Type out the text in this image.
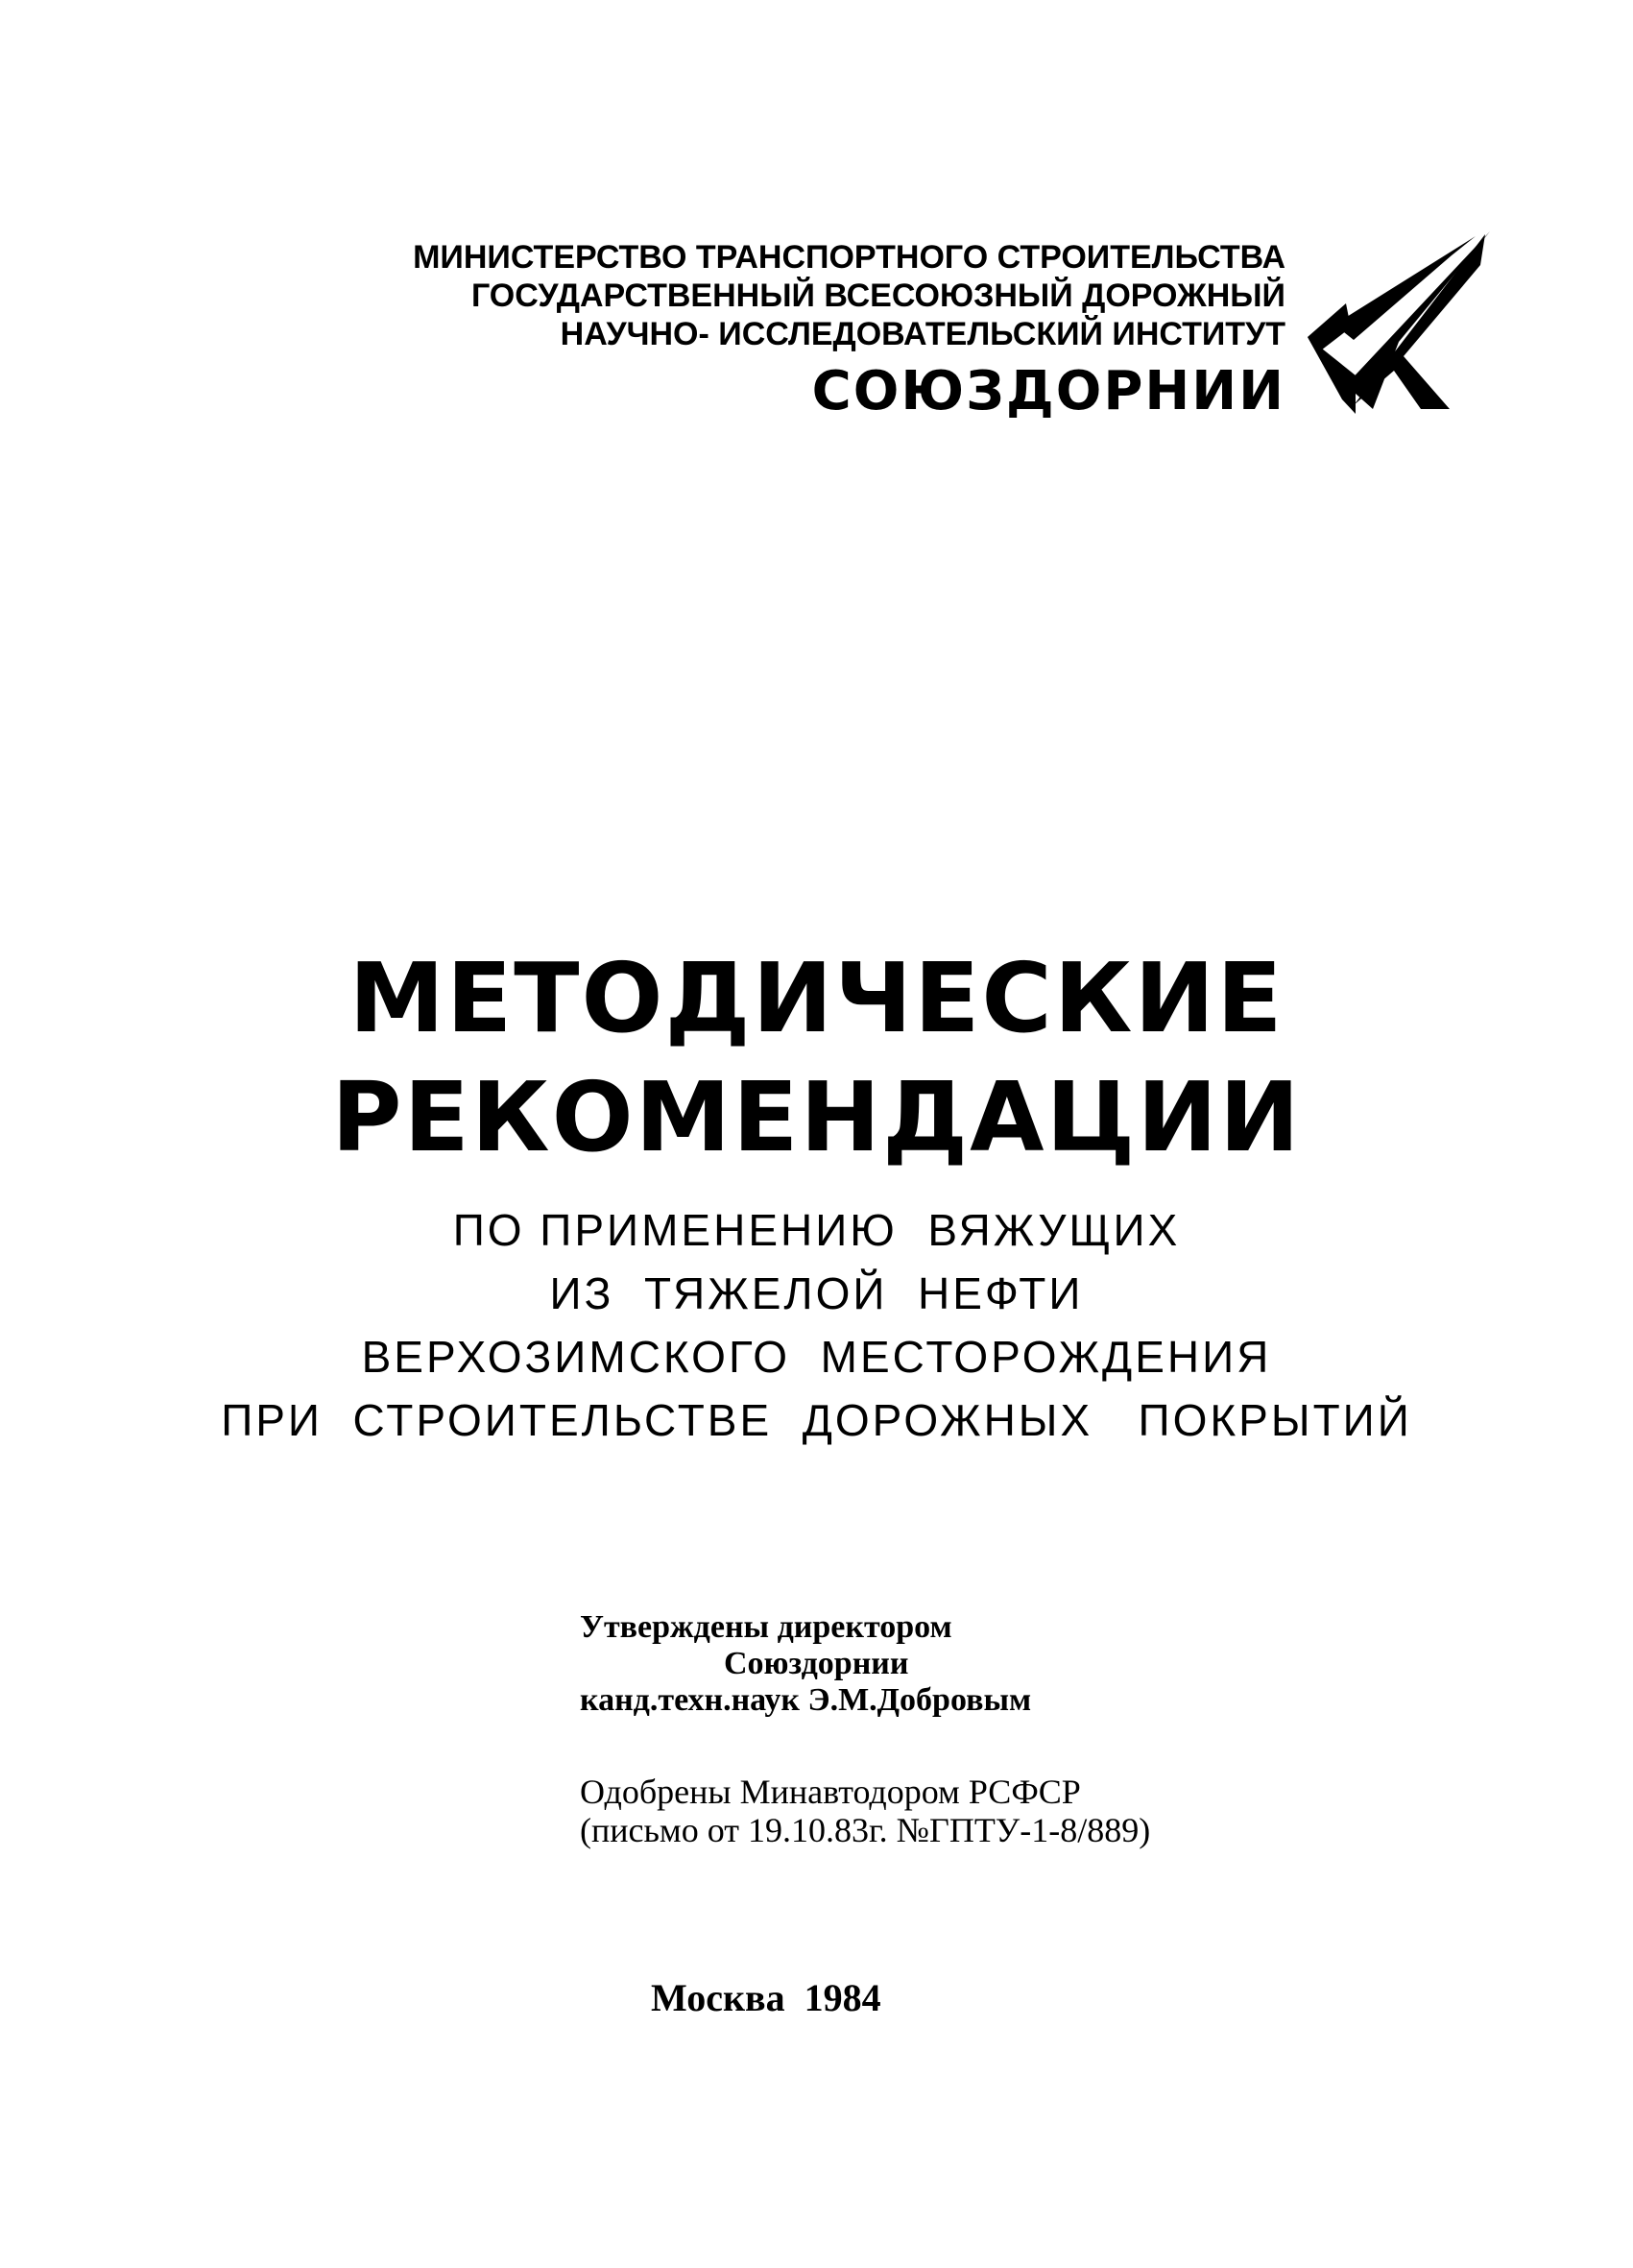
МИНИСТЕРСТВО ТРАНСПОРТНОГО СТРОИТЕЛЬСТВА
ГОСУДАРСТВЕННЫЙ ВСЕСОЮЗНЫЙ ДОРОЖНЫЙ
НАУЧНО- ИССЛЕДОВАТЕЛЬСКИЙ ИНСТИТУТ
СОЮЗДОРНИИ
МЕТОДИЧЕСКИЕ
РЕКОМЕНДАЦИИ
ПО ПРИМЕНЕНИЮ  ВЯЖУЩИХ
ИЗ  ТЯЖЕЛОЙ  НЕФТИ
ВЕРХОЗИМСКОГО  МЕСТОРОЖДЕНИЯ
ПРИ  СТРОИТЕЛЬСТВЕ  ДОРОЖНЫХ   ПОКРЫТИЙ
Утверждены директором
Союздорнии
канд.техн.наук Э.М.Добровым
Одобрены Минавтодором РСФСР
(письмо от 19.10.83г. №ГПТУ-1-8/889)
Москва  1984
